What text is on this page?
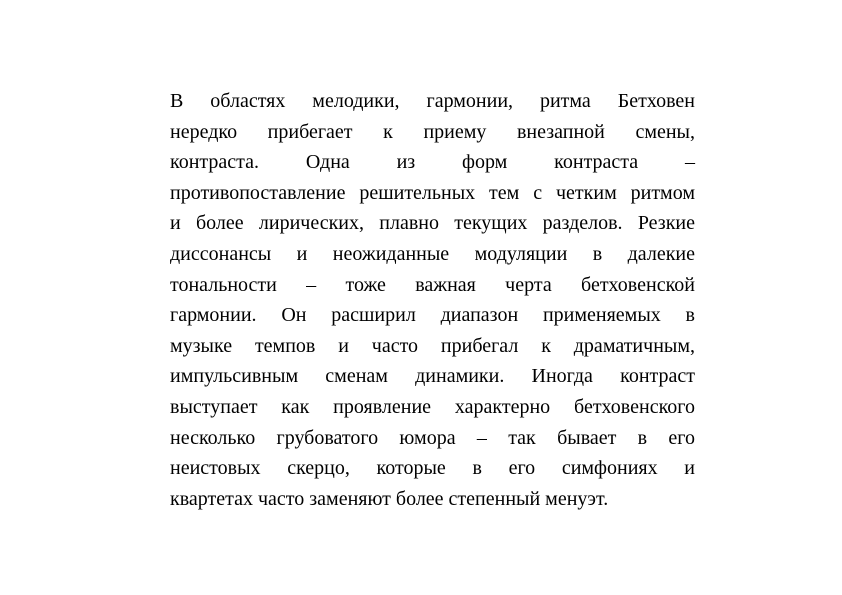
В областях мелодики, гармонии, ритма Бетховен
нередко прибегает к приему внезапной смены,
контраста. Одна из форм контраста –
противопоставление решительных тем с четким ритмом
и более лирических, плавно текущих разделов. Резкие
диссонансы и неожиданные модуляции в далекие
тональности – тоже важная черта бетховенской
гармонии. Он расширил диапазон применяемых в
музыке темпов и часто прибегал к драматичным,
импульсивным сменам динамики. Иногда контраст
выступает как проявление характерно бетховенского
несколько грубоватого юмора – так бывает в его
неистовых скерцо, которые в его симфониях и
квартетах часто заменяют более степенный менуэт.
